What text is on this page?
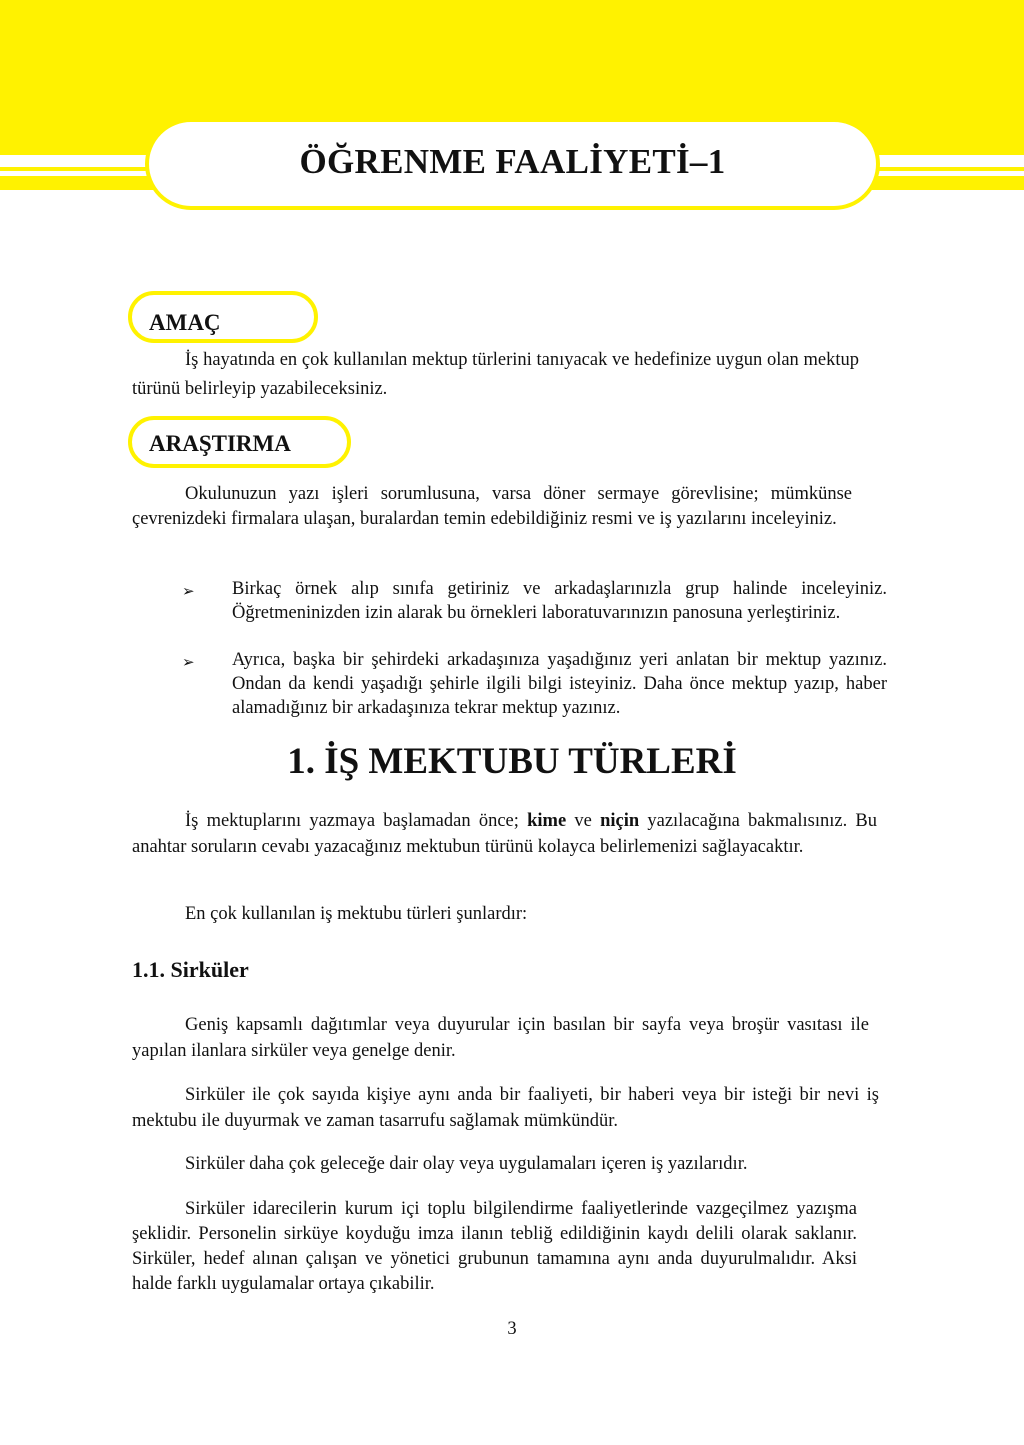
ÖĞRENME FAALİYETİ–1
AMAÇ

İş hayatında en çok kullanılan mektup türlerini tanıyacak ve hedefinize uygun olan mektup türünü belirleyip yazabileceksiniz.

ARAŞTIRMA

Okulunuzun yazı işleri sorumlusuna, varsa döner sermaye görevlisine; mümkünse çevrenizdeki firmalara ulaşan, buralardan temin edebildiğiniz resmi ve iş yazılarını inceleyiniz.

➢ Birkaç örnek alıp sınıfa getiriniz ve arkadaşlarınızla grup halinde inceleyiniz. Öğretmeninizden izin alarak bu örnekleri laboratuvarınızın panosuna yerleştiriniz.

➢ Ayrıca, başka bir şehirdeki arkadaşınıza yaşadığınız yeri anlatan bir mektup yazınız. Ondan da kendi yaşadığı şehirle ilgili bilgi isteyiniz. Daha önce mektup yazıp, haber alamadığınız bir arkadaşınıza tekrar mektup yazınız.

1. İŞ MEKTUBU TÜRLERİ

İş mektuplarını yazmaya başlamadan önce; kime ve niçin yazılacağına bakmalısınız. Bu anahtar soruların cevabı yazacağınız mektubun türünü kolayca belirlemenizi sağlayacaktır.

En çok kullanılan iş mektubu türleri şunlardır:

1.1. Sirküler

Geniş kapsamlı dağıtımlar veya duyurular için basılan bir sayfa veya broşür vasıtası ile yapılan ilanlara sirküler veya genelge denir.

Sirküler ile çok sayıda kişiye aynı anda bir faaliyeti, bir haberi veya bir isteği bir nevi iş mektubu ile duyurmak ve zaman tasarrufu sağlamak mümkündür.

Sirküler daha çok geleceğe dair olay veya uygulamaları içeren iş yazılarıdır.

Sirküler idarecilerin kurum içi toplu bilgilendirme faaliyetlerinde vazgeçilmez yazışma şeklidir. Personelin sirküye koyduğu imza ilanın tebliğ edildiğinin kaydı delili olarak saklanır. Sirküler, hedef alınan çalışan ve yönetici grubunun tamamına aynı anda duyurulmalıdır. Aksi halde farklı uygulamalar ortaya çıkabilir.

3
